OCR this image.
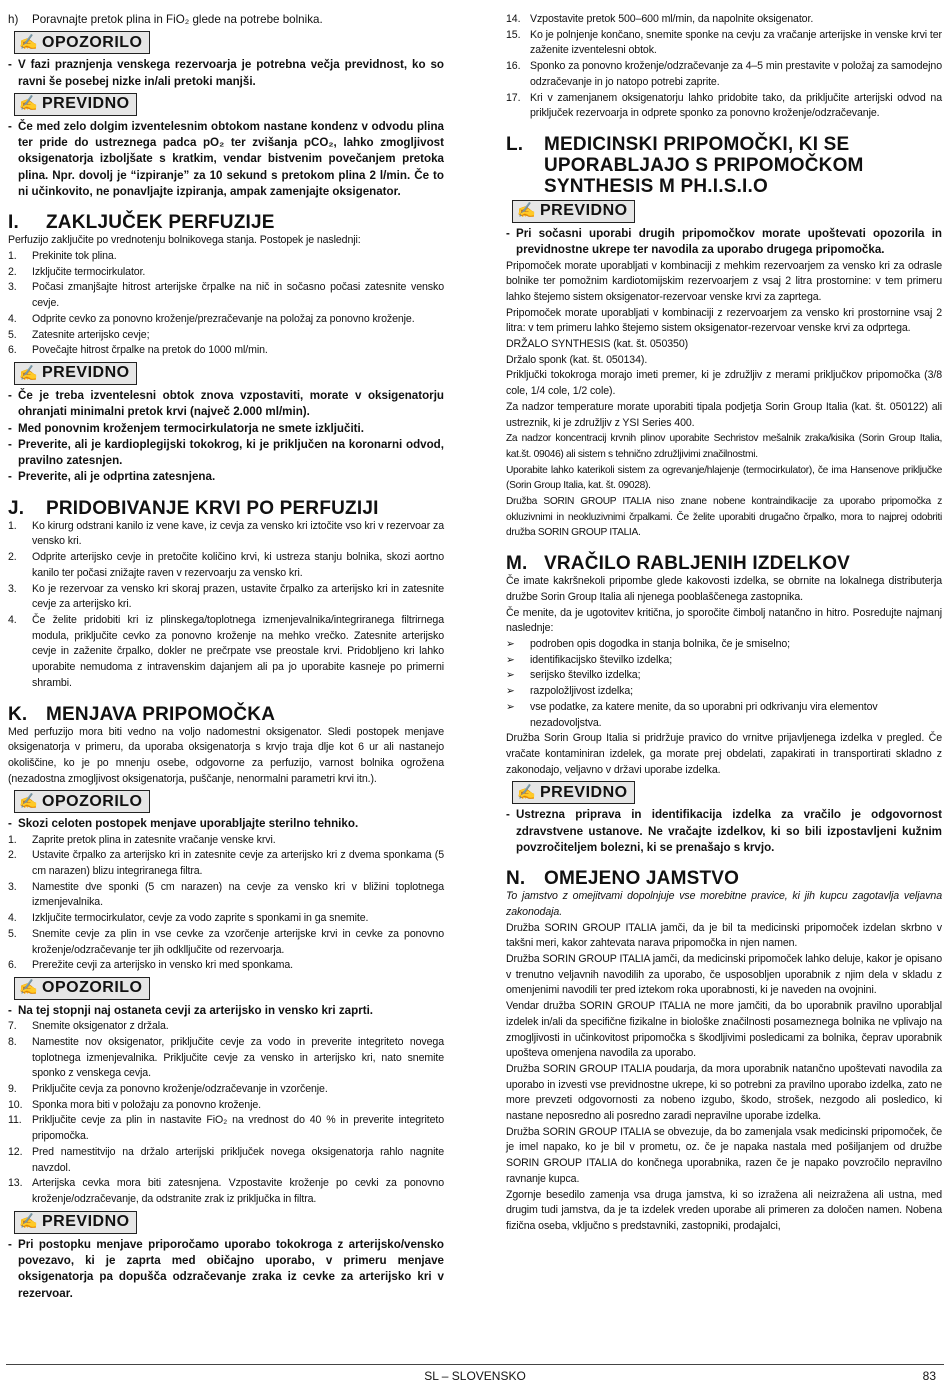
h)	Poravnajte pretok plina in FiO₂ glede na potrebe bolnika.
✍ OPOZORILO
- V fazi praznjenja venskega rezervoarja je potrebna večja previdnost, ko so ravni še posebej nizke in/ali pretoki manjši.
✍ PREVIDNO
- Če med zelo dolgim izventelesnim obtokom nastane kondenz v odvodu plina ter pride do ustreznega padca pO₂ ter zvišanja pCO₂, lahko zmogljivost oksigenatorja izboljšate s kratkim, vendar bistvenim povečanjem pretoka plina. Npr. dovolj je “izpiranje” za 10 sekund s pretokom plina 2 l/min. Če to ni učinkovito, ne ponavljajte izpiranja, ampak zamenjajte oksigenator.
I.	ZAKLJUČEK PERFUZIJE
Perfuzijo zaključite po vrednotenju bolnikovega stanja. Postopek je naslednji:
1.	Prekinite tok plina.
2.	Izključite termocirkulator.
3.	Počasi zmanjšajte hitrost arterijske črpalke na nič in sočasno počasi zatesnite vensko cevje.
4.	Odprite cevko za ponovno kroženje/prezračevanje na položaj za ponovno kroženje.
5.	Zatesnite arterijsko cevje;
6.	Povečajte hitrost črpalke na pretok do 1000 ml/min.
✍ PREVIDNO
- Če je treba izventelesni obtok znova vzpostaviti, morate v oksigenatorju ohranjati minimalni pretok krvi (največ 2.000 ml/min).
- Med ponovnim kroženjem termocirkulatorja ne smete izključiti.
- Preverite, ali je kardioplegijski tokokrog, ki je priključen na koronarni odvod, pravilno zatesnjen.
- Preverite, ali je odprtina zatesnjena.
J.	PRIDOBIVANJE KRVI PO PERFUZIJI
1.	Ko kirurg odstrani kanilo iz vene kave, iz cevja za vensko kri iztočite vso kri v rezervoar za vensko kri.
2.	Odprite arterijsko cevje in pretočite količino krvi, ki ustreza stanju bolnika, skozi aortno kanilo ter počasi znižajte raven v rezervoarju za vensko kri.
3.	Ko je rezervoar za vensko kri skoraj prazen, ustavite črpalko za arterijsko kri in zatesnite cevje za arterijsko kri.
4.	Če želite pridobiti kri iz plinskega/toplotnega izmenjevalnika/integriranega filtrirnega modula, priključite cevko za ponovno kroženje na mehko vrečko. Zatesnite arterijsko cevje in zaženite črpalko, dokler ne prečrpate vse preostale krvi. Pridobljeno kri lahko uporabite nemudoma z intravenskim dajanjem ali pa jo uporabite kasneje po primerni shrambi.
K. MENJAVA PRIPOMOČKA

Med perfuzijo mora biti vedno na voljo nadomestni oksigenator. Sledi postopek menjave oksigenatorja v primeru, da uporaba oksigenatorja s krvjo traja dlje kot 6 ur ali nastanejo okoliščine, ko je po mnenju osebe, odgovorne za perfuzijo, varnost bolnika ogrožena (nezadostna zmogljivost oksigenatorja, puščanje, nenormalni parametri krvi itn.).

✍ OPOZORILO
- Skozi celoten postopek menjave uporabljajte sterilno tehniko.
1.	Zaprite pretok plina in zatesnite vračanje venske krvi.
2.	Ustavite črpalko za arterijsko kri in zatesnite cevje za arterijsko kri z dvema sponkama (5 cm narazen) blizu integriranega filtra.
3.	Namestite dve sponki (5 cm narazen) na cevje za vensko kri v bližini toplotnega izmenjevalnika.
4.	Izključite termocirkulator, cevje za vodo zaprite s sponkami in ga snemite.
5.	Snemite cevje za plin in vse cevke za vzorčenje arterijske krvi in cevke za ponovno kroženje/odzračevanje ter jih odklljučite od rezervoarja.
6.	Prerežite cevji za arterijsko in vensko kri med sponkama.
✍ OPOZORILO
- Na tej stopnji naj ostaneta cevji za arterijsko in vensko kri zaprti.
7.	Snemite oksigenator z držala.
8.	Namestite nov oksigenator, priključite cevje za vodo in preverite integriteto novega toplotnega izmenjevalnika. Priključite cevje za vensko in arterijsko kri, nato snemite sponko z venskega cevja.
9.	Priključite cevja za ponovno kroženje/odzračevanje in vzorčenje.
10. Sponka mora biti v položaju za ponovno kroženje.
11. Priključite cevje za plin in nastavite FiO₂ na vrednost do 40 % in preverite integriteto pripomočka.
12. Pred namestitvijo na držalo arterijski priključek novega oksigenatorja rahlo nagnite navzdol.
13. Arterijska cevka mora biti zatesnjena. Vzpostavite kroženje po cevki za ponovno kroženje/odzračevanje, da odstranite zrak iz priključka in filtra.
✍ PREVIDNO
- Pri postopku menjave priporočamo uporabo tokokroga z arterijsko/vensko povezavo, ki je zaprta med običajno uporabo, v primeru menjave oksigenatorja pa dopušča odzračevanje zraka iz cevke za arterijsko kri v rezervoar.
14. Vzpostavite pretok 500–600 ml/min, da napolnite oksigenator.
15. Ko je polnjenje končano, snemite sponke na cevju za vračanje arterijske in venske krvi ter zaženite izventelesni obtok.
16. Sponko za ponovno kroženje/odzračevanje za 4–5 min prestavite v položaj za samodejno odzračevanje in jo natopo potrebi zaprite.
17. Kri v zamenjanem oksigenatorju lahko pridobite tako, da priključite arterijski odvod na priključek rezervoarja in odprete sponko za ponovno kroženje/odzračevanje.
L.	MEDICINSKI PRIPOMOČKI, KI SE UPORABLJAJO S PRIPOMOČKOM SYNTHESIS M PH.I.S.I.O
✍ PREVIDNO
- Pri sočasni uporabi drugih pripomočkov morate upoštevati opozorila in previdnostne ukrepe ter navodila za uporabo drugega pripomočka.

Pripomoček morate uporabljati v kombinaciji z mehkim rezervoarjem za vensko kri za odrasle bolnike ter pomožnim kardiotomijskim rezervoarjem z vsaj 2 litra prostornine: v tem primeru lahko štejemo sistem oksigenator-rezervoar venske krvi za zaprtega.

Pripomoček morate uporabljati v kombinaciji z rezervoarjem za vensko kri prostornine vsaj 2 litra: v tem primeru lahko štejemo sistem oksigenator-rezervoar venske krvi za odprtega.

DRŽALO SYNTHESIS (kat. št. 050350)

Držalo sponk (kat. št. 050134).

Priključki tokokroga morajo imeti premer, ki je združljiv z merami priključkov pripomočka (3/8 cole, 1/4 cole, 1/2 cole).

Za nadzor temperature morate uporabiti tipala podjetja Sorin Group Italia (kat. št. 050122) ali ustreznik, ki je združljiv z YSI Series 400.

Za nadzor koncentracij krvnih plinov uporabite Sechristov mešalnik zraka/kisika (Sorin Group Italia, kat.št. 09046) ali sistem s tehnično združljivimi značilnostmi.

Uporabite lahko katerikoli sistem za ogrevanje/hlajenje (termocirkulator), če ima Hansenove priključke (Sorin Group Italia, kat. št. 09028).

Družba SORIN GROUP ITALIA niso znane nobene kontraindikacije za uporabo pripomočka z okluzivnimi in neokluzivnimi črpalkami. Če želite uporabiti drugačno črpalko, mora to najprej odobriti družba SORIN GROUP ITALIA.

M. VRAČILO RABLJENIH IZDELKOV

Če imate kakršnekoli pripombe glede kakovosti izdelka, se obrnite na lokalnega distributerja družbe Sorin Group Italia ali njenega pooblaščenega zastopnika.

Če menite, da je ugotovitev kritična, jo sporočite čimbolj natančno in hitro. Posredujte najmanj naslednje:

➢	podroben opis dogodka in stanja bolnika, če je smiselno;
➢	identifikacijsko številko izdelka;
➢	serijsko številko izdelka;
➢	razpoložljivost izdelka;
➢	vse podatke, za katere menite, da so uporabni pri odkrivanju vira elementov nezadovoljstva.

Družba Sorin Group Italia si pridržuje pravico do vrnitve prijavljenega izdelka v pregled. Če vračate kontaminiran izdelek, ga morate prej obdelati, zapakirati in transportirati skladno z zakonodajo, veljavno v državi uporabe izdelka.

✍ PREVIDNO
- Ustrezna priprava in identifikacija izdelka za vračilo je odgovornost zdravstvene ustanove. Ne vračajte izdelkov, ki so bili izpostavljeni kužnim povzročiteljem bolezni, ki se prenašajo s krvjo.
N. OMEJENO JAMSTVO

To jamstvo z omejitvami dopolnjuje vse morebitne pravice, ki jih kupcu zagotavlja veljavna zakonodaja.

Družba SORIN GROUP ITALIA jamči, da je bil ta medicinski pripomoček izdelan skrbno v takšni meri, kakor zahtevata narava pripomočka in njen namen.

Družba SORIN GROUP ITALIA jamči, da medicinski pripomoček lahko deluje, kakor je opisano v trenutno veljavnih navodilih za uporabo, če usposobljen uporabnik z njim dela v skladu z omenjenimi navodili ter pred iztekom roka uporabnosti, ki je naveden na ovojnini.

Vendar družba SORIN GROUP ITALIA ne more jamčiti, da bo uporabnik pravilno uporabljal izdelek in/ali da specifične fizikalne in biološke značilnosti posameznega bolnika ne vplivajo na zmogljivosti in učinkovitost pripomočka s škodljivimi posledicami za bolnika, čeprav uporabnik upošteva omenjena navodila za uporabo.

Družba SORIN GROUP ITALIA poudarja, da mora uporabnik natančno upoštevati navodila za uporabo in izvesti vse previdnostne ukrepe, ki so potrebni za pravilno uporabo izdelka, zato ne more prevzeti odgovornosti za nobeno izgubo, škodo, strošek, nezgodo ali posledico, ki nastane neposredno ali posredno zaradi nepravilne uporabe izdelka.

Družba SORIN GROUP ITALIA se obvezuje, da bo zamenjala vsak medicinski pripomoček, če je imel napako, ko je bil v prometu, oz. če je napaka nastala med pošiljanjem od družbe SORIN GROUP ITALIA do končnega uporabnika, razen če je napako povzročilo nepravilno ravnanje kupca.

Zgornje besedilo zamenja vsa druga jamstva, ki so izražena ali neizražena ali ustna, med drugim tudi jamstva, da je ta izdelek vreden uporabe ali primeren za določen namen. Nobena fizična oseba, vključno s predstavniki, zastopniki, prodajalci,

SL – SLOVENSKO	83
